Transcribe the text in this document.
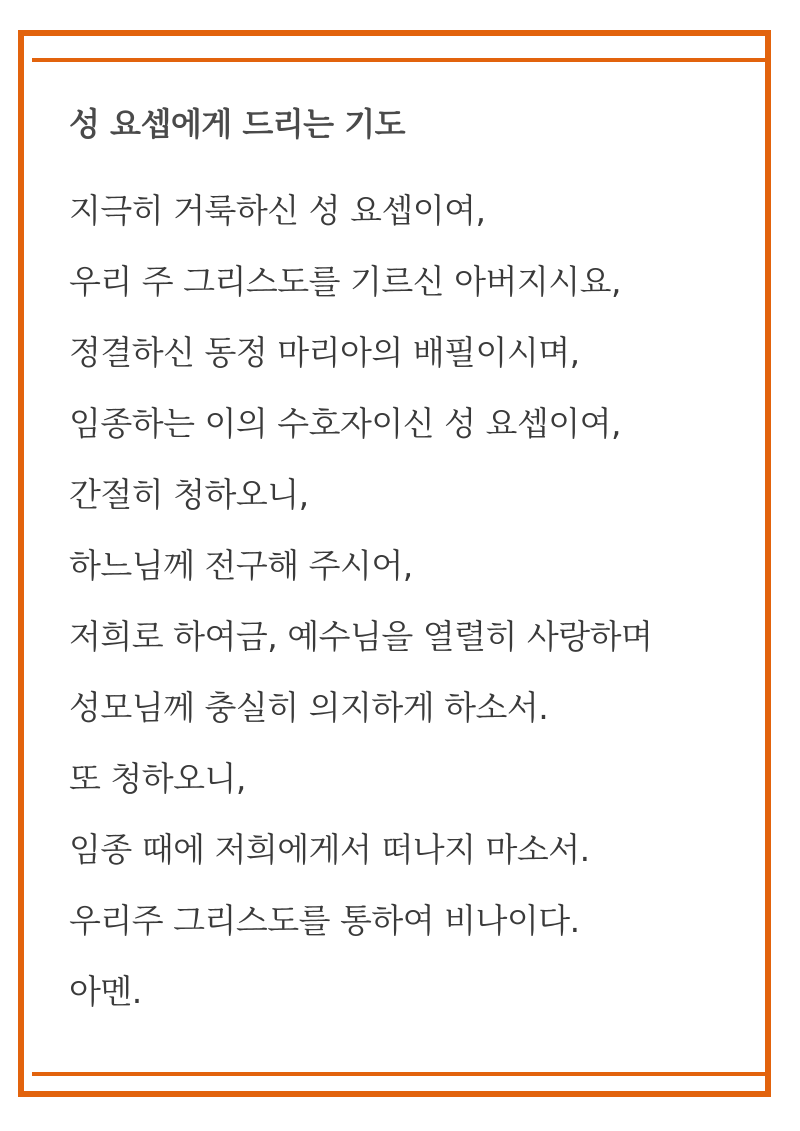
성 요셉에게 드리는 기도
지극히 거룩하신 성 요셉이여,
우리 주 그리스도를 기르신 아버지시요,
정결하신 동정 마리아의 배필이시며,
임종하는 이의 수호자이신 성 요셉이여,
간절히 청하오니,
하느님께 전구해 주시어,
저희로 하여금, 예수님을 열렬히 사랑하며
성모님께 충실히 의지하게 하소서.
또 청하오니,
임종 때에 저희에게서 떠나지 마소서.
우리주 그리스도를 통하여 비나이다.
아멘.
